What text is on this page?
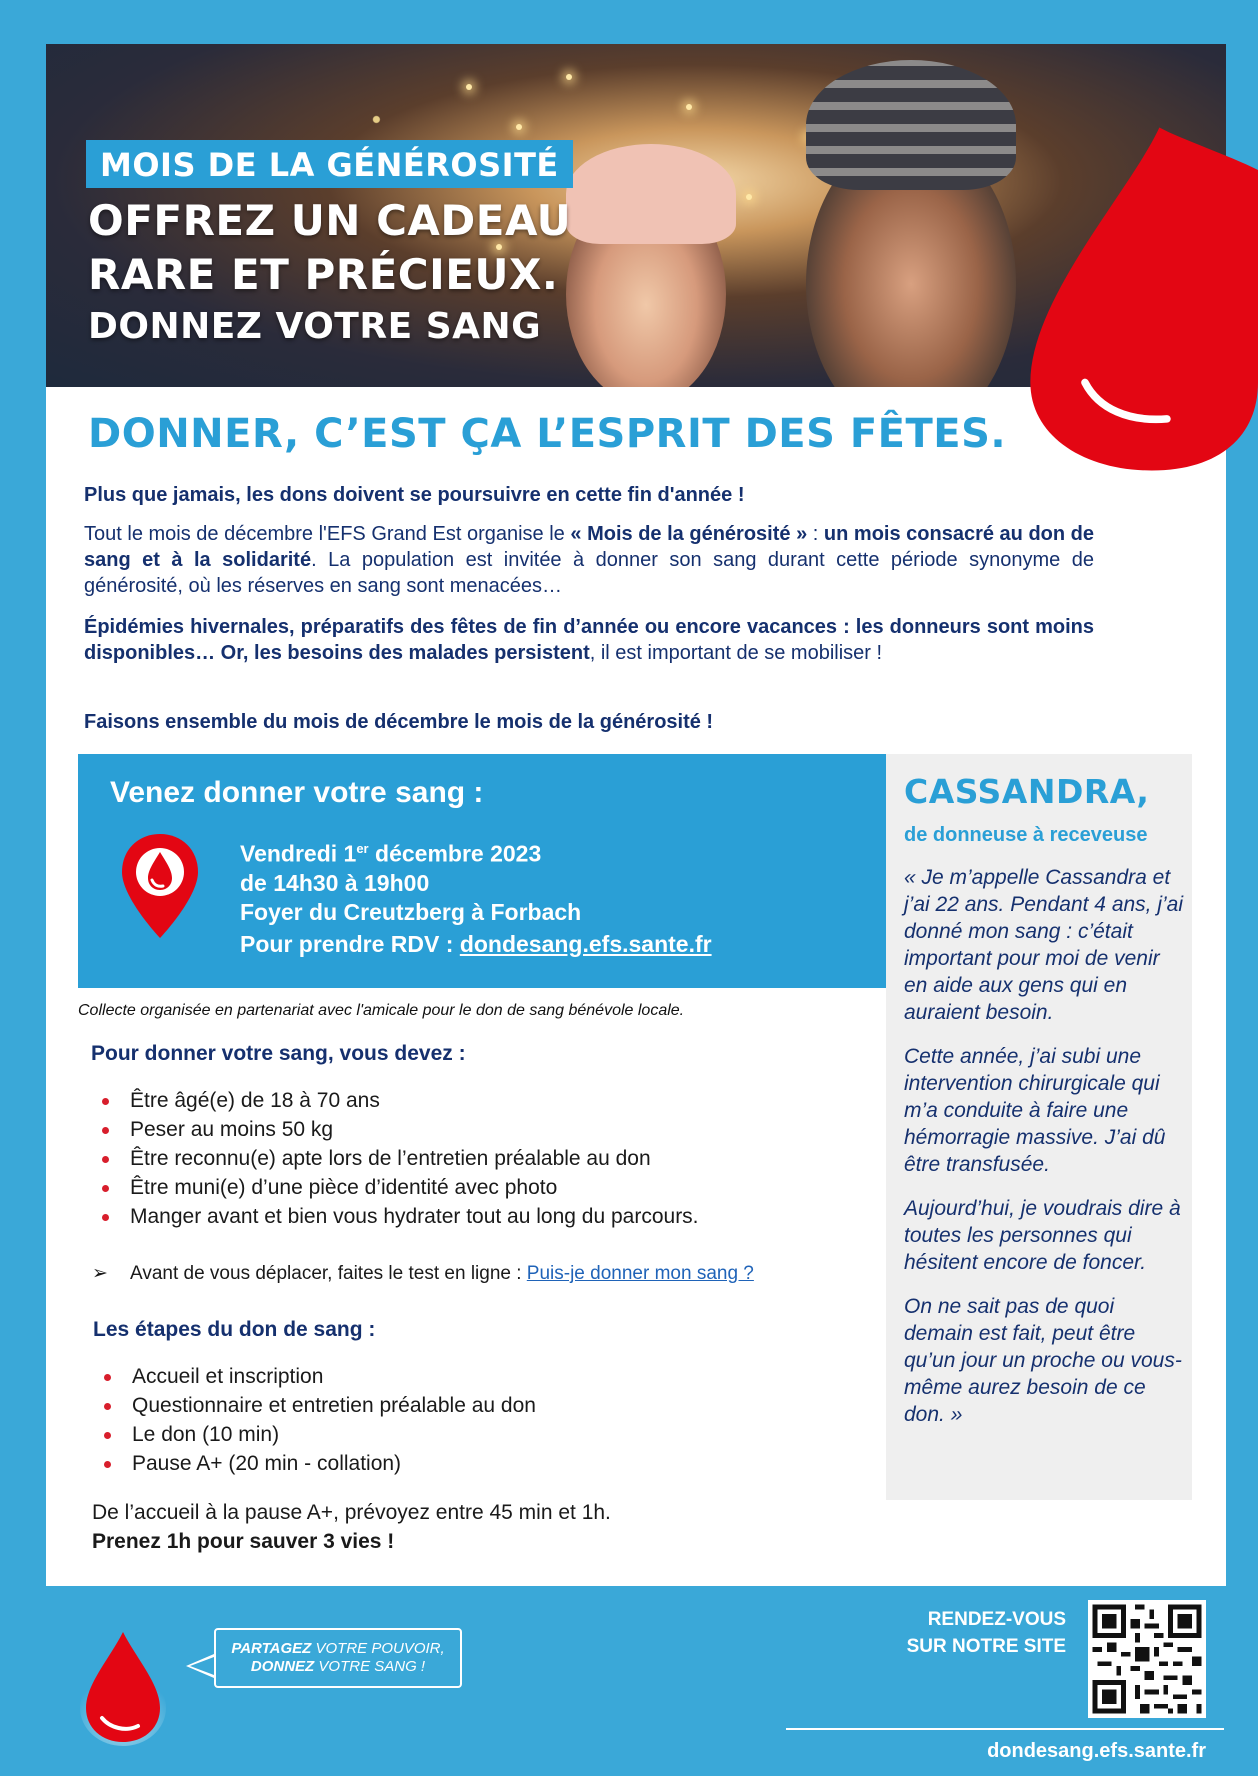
MOIS DE LA GÉNÉROSITÉ
OFFREZ UN CADEAU
RARE ET PRÉCIEUX.
DONNEZ VOTRE SANG
DONNER, C’EST ÇA L’ESPRIT DES FÊTES.
Plus que jamais, les dons doivent se poursuivre en cette fin d'année !
Tout le mois de décembre l'EFS Grand Est organise le « Mois de la générosité » : un mois consacré au don de sang et à la solidarité. La population est invitée à donner son sang durant cette période synonyme de générosité, où les réserves en sang sont menacées…
Épidémies hivernales, préparatifs des fêtes de fin d’année ou encore vacances : les donneurs sont moins disponibles… Or, les besoins des malades persistent, il est important de se mobiliser !
Faisons ensemble du mois de décembre le mois de la générosité !
Venez donner votre sang :
Vendredi 1er décembre 2023
de 14h30 à 19h00
Foyer du Creutzberg à Forbach
Pour prendre RDV : dondesang.efs.sante.fr
Collecte organisée en partenariat avec l'amicale pour le don de sang bénévole locale.
Pour donner votre sang, vous devez :
Être âgé(e) de 18 à 70 ans
Peser au moins 50 kg
Être reconnu(e) apte lors de l’entretien préalable au don
Être muni(e) d’une pièce d’identité avec photo
Manger avant et bien vous hydrater tout au long du parcours.
➢ Avant de vous déplacer, faites le test en ligne : Puis-je donner mon sang ?
Les étapes du don de sang :
Accueil et inscription
Questionnaire et entretien préalable au don
Le don (10 min)
Pause A+ (20 min - collation)
De l’accueil à la pause A+, prévoyez entre 45 min et 1h.
Prenez 1h pour sauver 3 vies !
CASSANDRA,
de donneuse à receveuse

« Je m’appelle Cassandra et j’ai 22 ans. Pendant 4 ans, j’ai donné mon sang : c’était important pour moi de venir en aide aux gens qui en auraient besoin.

Cette année, j’ai subi une intervention chirurgicale qui m’a conduite à faire une hémorragie massive. J’ai dû être transfusée.

Aujourd’hui, je voudrais dire à toutes les personnes qui hésitent encore de foncer.

On ne sait pas de quoi demain est fait, peut être qu’un jour un proche ou vous-même aurez besoin de ce don. »

PARTAGEZ VOTRE POUVOIR,
DONNEZ VOTRE SANG !
RENDEZ-VOUS
SUR NOTRE SITE
dondesang.efs.sante.fr
